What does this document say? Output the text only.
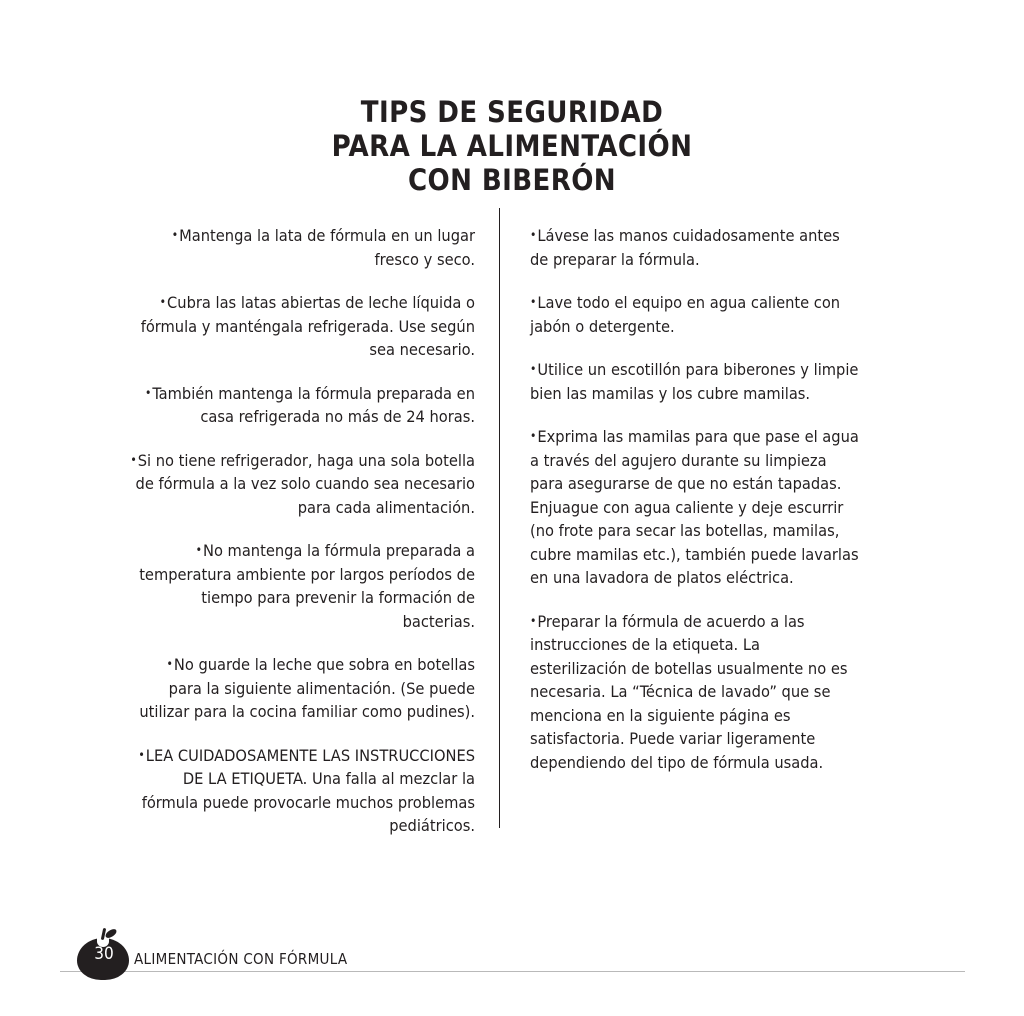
TIPS DE SEGURIDAD
PARA LA ALIMENTACIÓN
CON BIBERÓN

•Mantenga la lata de fórmula en un lugar fresco y seco.

•Cubra las latas abiertas de leche líquida o fórmula y manténgala refrigerada. Use según sea necesario.

•También mantenga la fórmula preparada en casa refrigerada no más de 24 horas.

•Si no tiene refrigerador, haga una sola botella de fórmula a la vez solo cuando sea necesario para cada alimentación.

•No mantenga la fórmula preparada a temperatura ambiente por largos períodos de tiempo para prevenir la formación de bacterias.

•No guarde la leche que sobra en botellas para la siguiente alimentación. (Se puede utilizar para la cocina familiar como pudines).

•LEA CUIDADOSAMENTE LAS INSTRUCCIONES DE LA ETIQUETA. Una falla al mezclar la fórmula puede provocarle muchos problemas pediátricos.

•Lávese las manos cuidadosamente antes de preparar la fórmula.

•Lave todo el equipo en agua caliente con jabón o detergente.

•Utilice un escotillón para biberones y limpie bien las mamilas y los cubre mamilas.

•Exprima las mamilas para que pase el agua a través del agujero durante su limpieza para asegurarse de que no están tapadas. Enjuague con agua caliente y deje escurrir (no frote para secar las botellas, mamilas, cubre mamilas etc.), también puede lavarlas en una lavadora de platos eléctrica.

•Preparar la fórmula de acuerdo a las instrucciones de la etiqueta. La esterilización de botellas usualmente no es necesaria. La “Técnica de lavado” que se menciona en la siguiente página es satisfactoria. Puede variar ligeramente dependiendo del tipo de fórmula usada.

30	ALIMENTACIÓN CON FÓRMULA
